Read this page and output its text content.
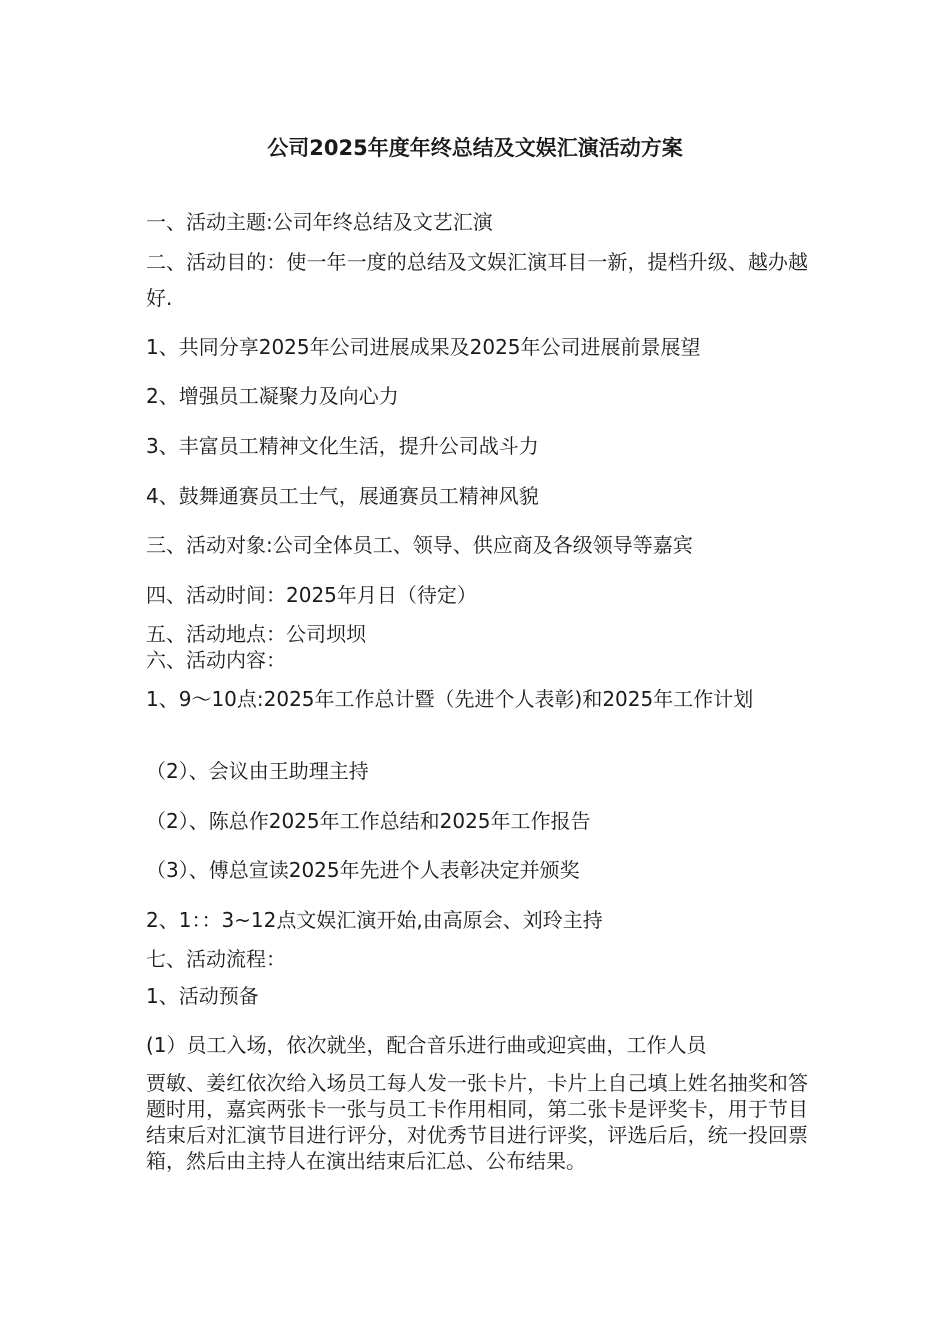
公司2025年度年终总结及文娱汇演活动方案
一、活动主题:公司年终总结及文艺汇演
二、活动目的：使一年一度的总结及文娱汇演耳目一新，提档升级、越办越好.
1、共同分享2025年公司进展成果及2025年公司进展前景展望
2、增强员工凝聚力及向心力
3、丰富员工精神文化生活，提升公司战斗力
4、鼓舞通赛员工士气，展通赛员工精神风貌
三、活动对象:公司全体员工、领导、供应商及各级领导等嘉宾
四、活动时间：2025年月日（待定）
五、活动地点：公司坝坝
六、活动内容：
1、9～10点:2025年工作总计暨（先进个人表彰)和2025年工作计划
（2）、会议由王助理主持
（2）、陈总作2025年工作总结和2025年工作报告
（3）、傅总宣读2025年先进个人表彰决定并颁奖
2、1：：3~12点文娱汇演开始,由高原会、刘玲主持
七、活动流程：
1、活动预备
(1）员工入场，依次就坐，配合音乐进行曲或迎宾曲，工作人员
贾敏、姜红依次给入场员工每人发一张卡片，卡片上自己填上姓名抽奖和答题时用，嘉宾两张卡一张与员工卡作用相同，第二张卡是评奖卡，用于节目结束后对汇演节目进行评分，对优秀节目进行评奖，评选后后，统一投回票箱，然后由主持人在演出结束后汇总、公布结果。
